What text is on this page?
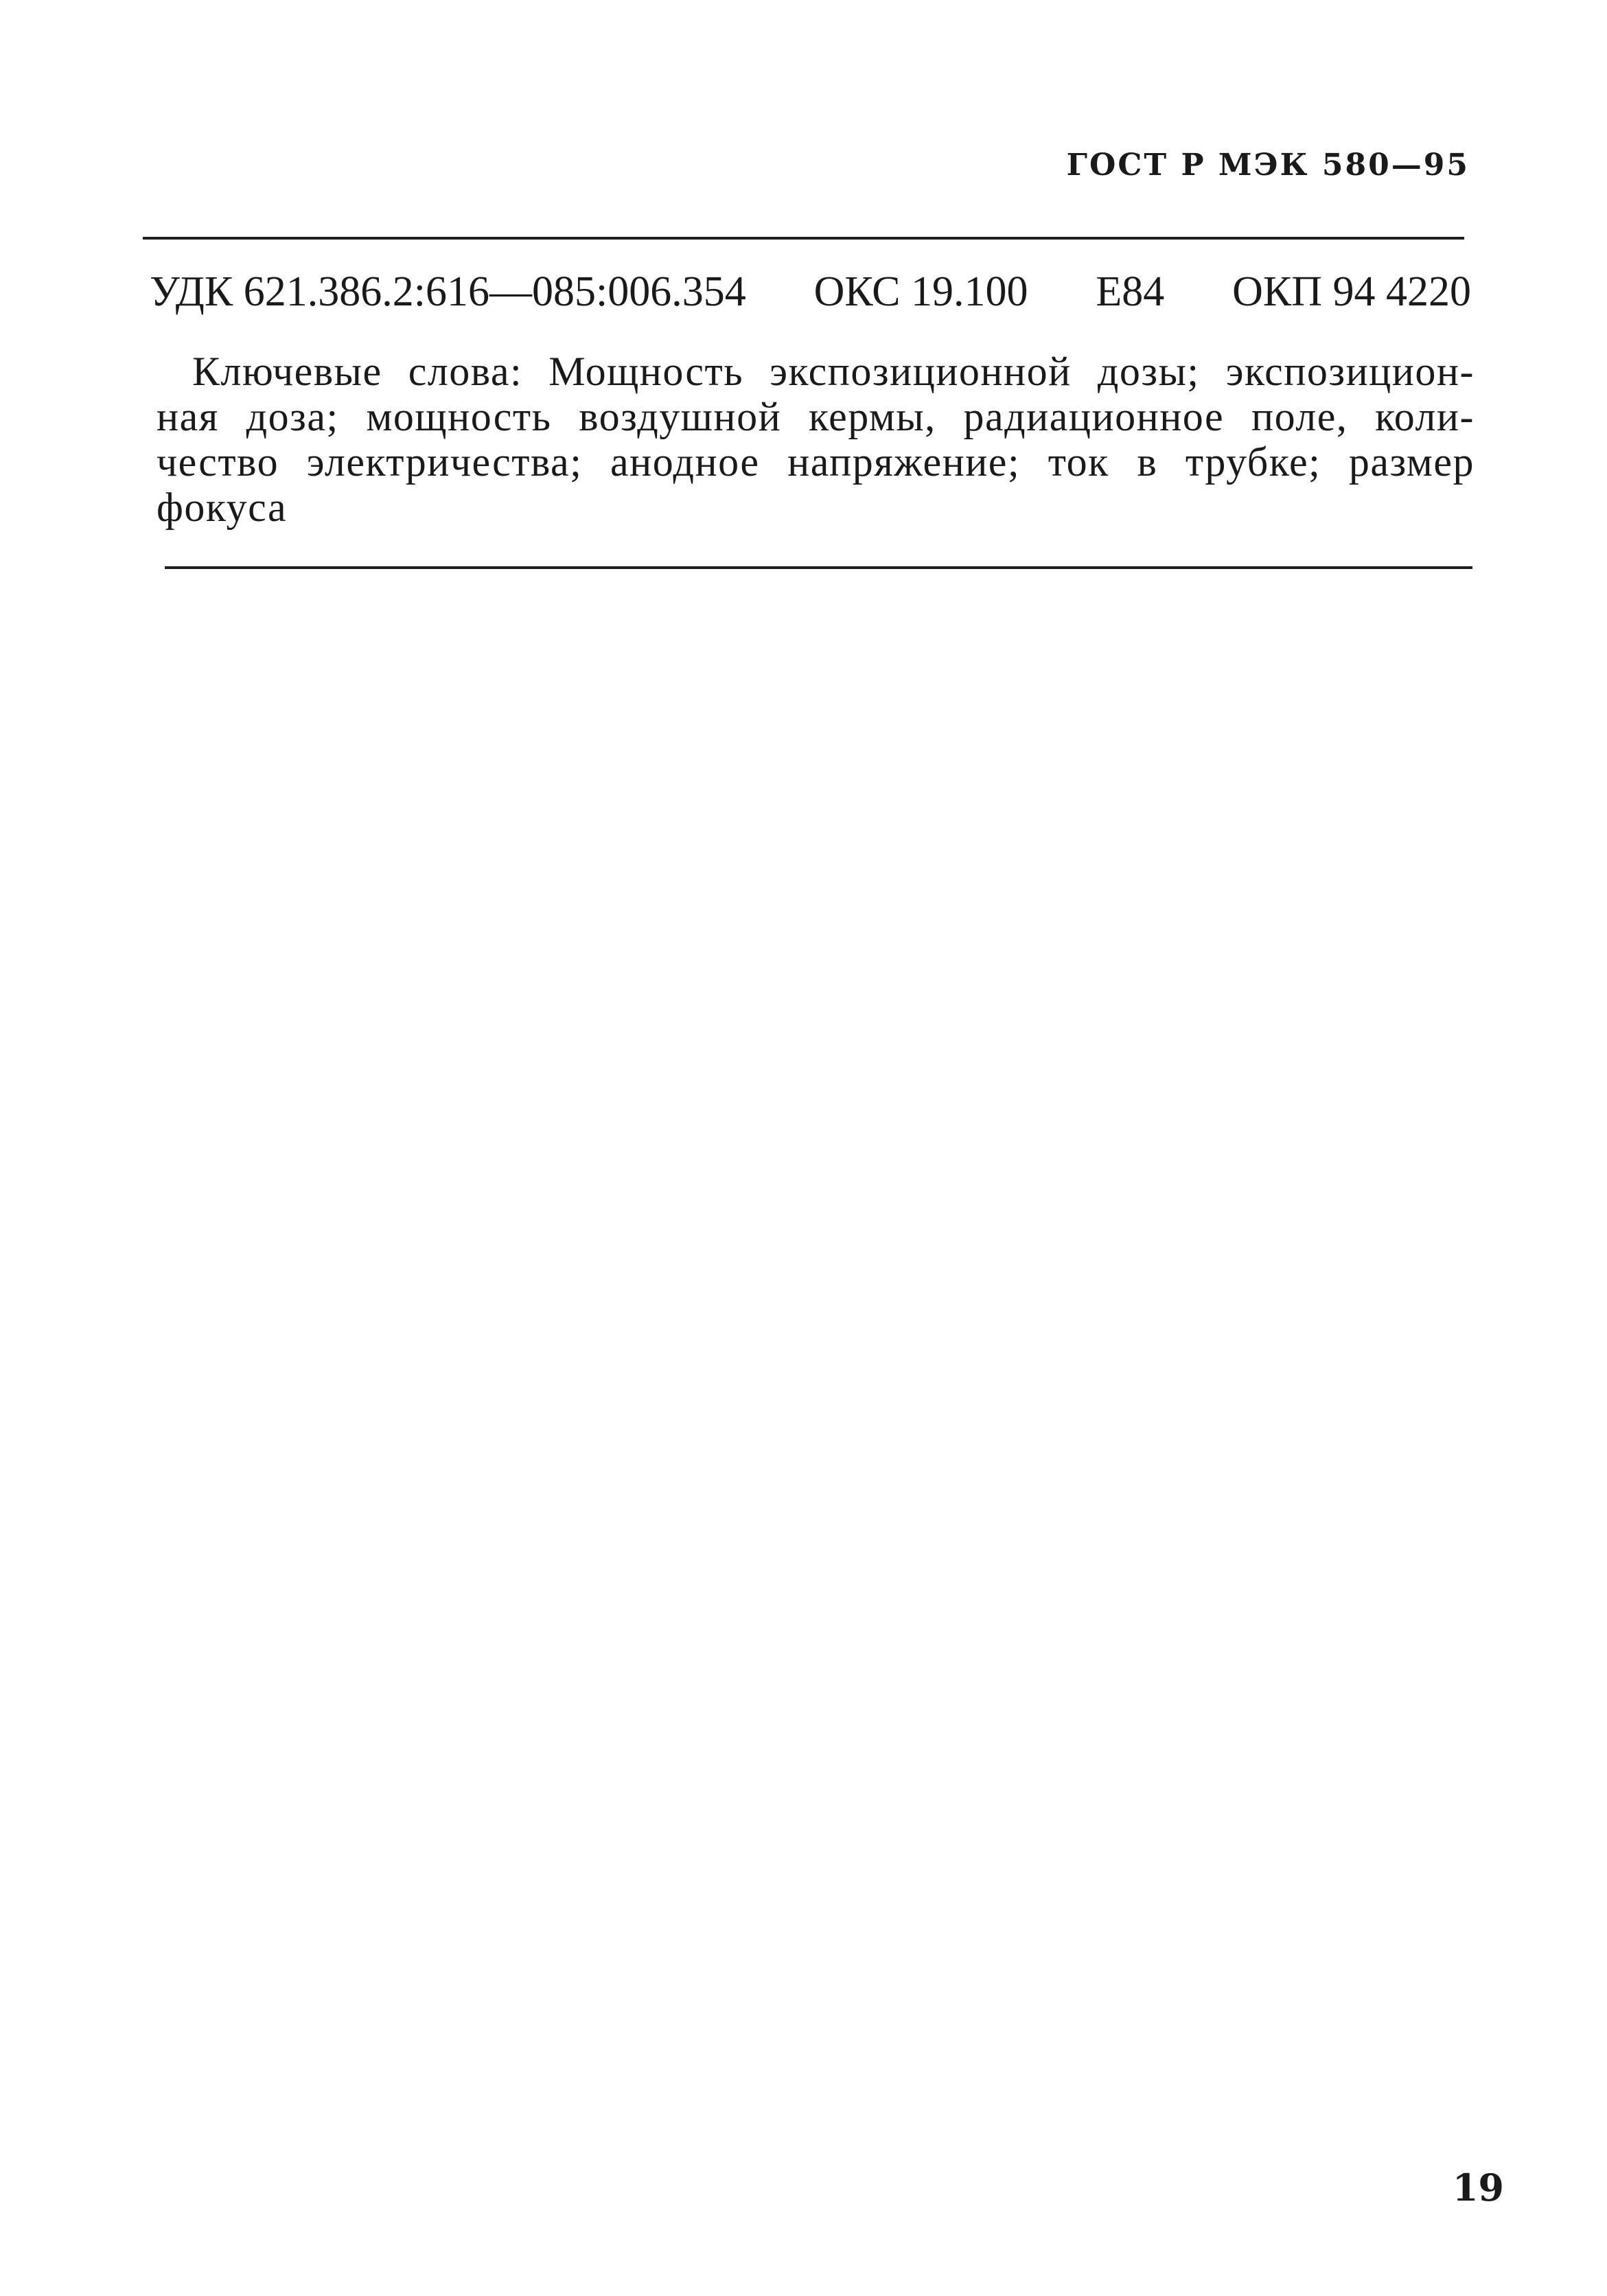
ГОСТ Р МЭК 580—95
УДК 621.386.2:616—085:006.354 ОКС 19.100 Е84 ОКП 94 4220
Ключевые слова: Мощность экспозиционной дозы; экспозицион-
ная доза; мощность воздушной кермы, радиационное поле, коли-
чество электричества; анодное напряжение; ток в трубке; размер
фокуса
19
